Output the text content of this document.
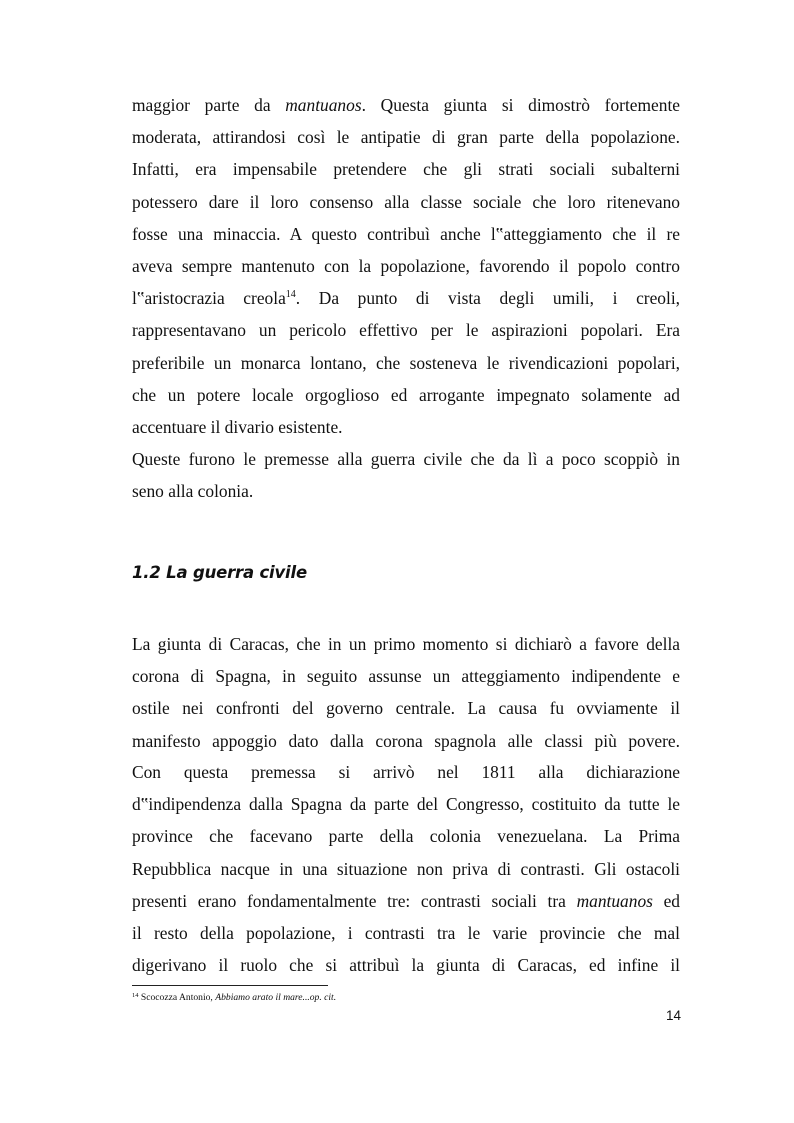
maggior parte da mantuanos. Questa giunta si dimostrò fortemente
moderata, attirandosi così le antipatie di gran parte della popolazione.
Infatti, era impensabile pretendere che gli strati sociali subalterni
potessero dare il loro consenso alla classe sociale che loro ritenevano
fosse una minaccia. A questo contribuì anche l‟atteggiamento che il re
aveva sempre mantenuto con la popolazione, favorendo il popolo contro
l‟aristocrazia creola$^{14}$. Da punto di vista degli umili, i creoli,
rappresentavano un pericolo effettivo per le aspirazioni popolari. Era
preferibile un monarca lontano, che sosteneva le rivendicazioni popolari,
che un potere locale orgoglioso ed arrogante impegnato solamente ad
accentuare il divario esistente.
Queste furono le premesse alla guerra civile che da lì a poco scoppiò in
seno alla colonia.
1.2 La guerra civile
La giunta di Caracas, che in un primo momento si dichiarò a favore della
corona di Spagna, in seguito assunse un atteggiamento indipendente e
ostile nei confronti del governo centrale. La causa fu ovviamente il
manifesto appoggio dato dalla corona spagnola alle classi più povere.
Con questa premessa si arrivò nel 1811 alla dichiarazione
d‟indipendenza dalla Spagna da parte del Congresso, costituito da tutte le
province che facevano parte della colonia venezuelana. La Prima
Repubblica nacque in una situazione non priva di contrasti. Gli ostacoli
presenti erano fondamentalmente tre: contrasti sociali tra mantuanos ed
il resto della popolazione, i contrasti tra le varie provincie che mal
digerivano il ruolo che si attribuì la giunta di Caracas, ed infine il

$^{14}$ Scocozza Antonio, Abbiamo arato il mare...op. cit.

14
